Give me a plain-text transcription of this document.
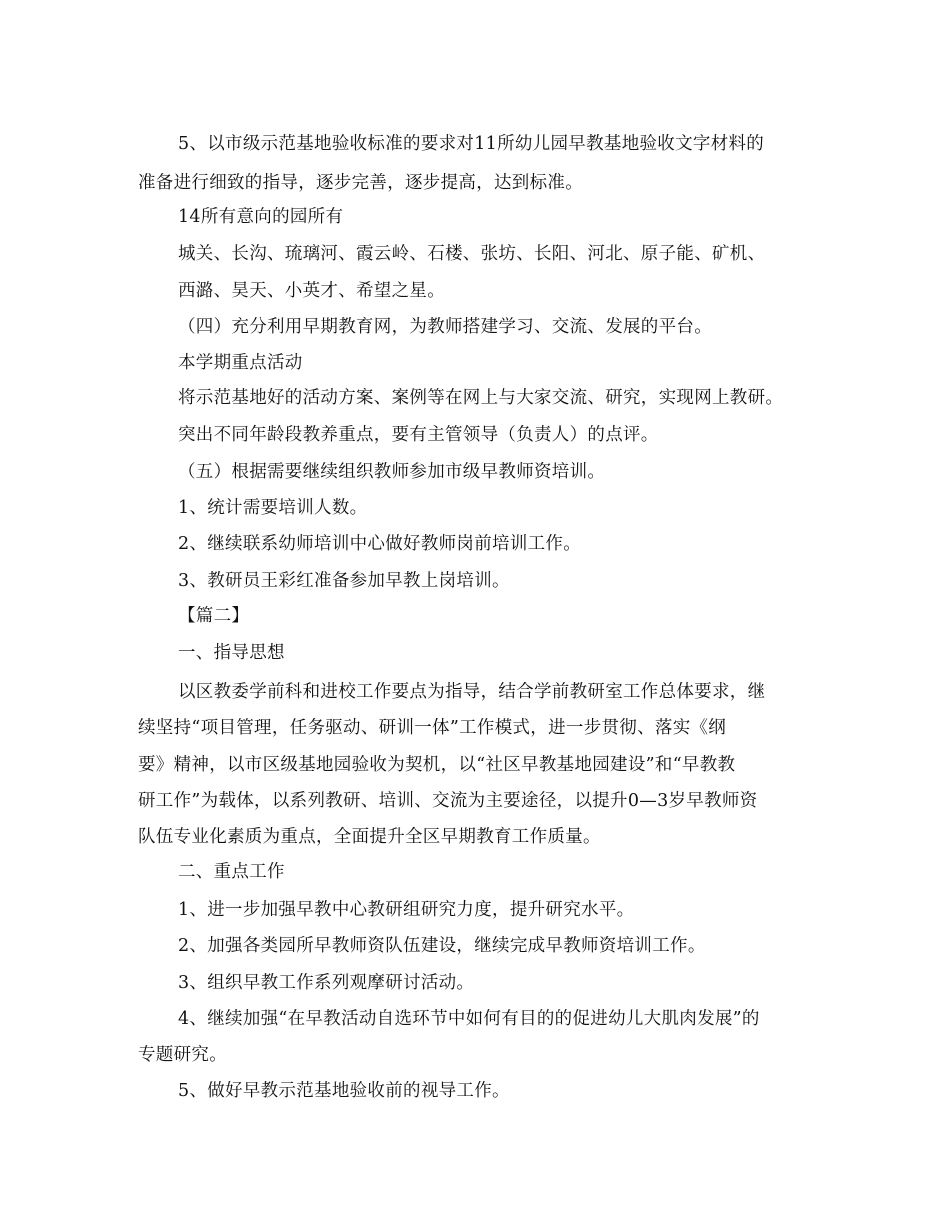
5、以市级示范基地验收标准的要求对11所幼儿园早教基地验收文字材料的
准备进行细致的指导，逐步完善，逐步提高，达到标准。
14所有意向的园所有
城关、长沟、琉璃河、霞云岭、石楼、张坊、长阳、河北、原子能、矿机、
西潞、昊天、小英才、希望之星。
（四）充分利用早期教育网，为教师搭建学习、交流、发展的平台。
本学期重点活动
将示范基地好的活动方案、案例等在网上与大家交流、研究，实现网上教研。
突出不同年龄段教养重点，要有主管领导（负责人）的点评。
（五）根据需要继续组织教师参加市级早教师资培训。
1、统计需要培训人数。
2、继续联系幼师培训中心做好教师岗前培训工作。
3、教研员王彩红准备参加早教上岗培训。
【篇二】
一、指导思想
以区教委学前科和进校工作要点为指导，结合学前教研室工作总体要求，继
续坚持“项目管理，任务驱动、研训一体”工作模式，进一步贯彻、落实《纲
要》精神，以市区级基地园验收为契机，以“社区早教基地园建设”和“早教教
研工作”为载体，以系列教研、培训、交流为主要途径，以提升0—3岁早教师资
队伍专业化素质为重点，全面提升全区早期教育工作质量。
二、重点工作
1、进一步加强早教中心教研组研究力度，提升研究水平。
2、加强各类园所早教师资队伍建设，继续完成早教师资培训工作。
3、组织早教工作系列观摩研讨活动。
4、继续加强“在早教活动自选环节中如何有目的的促进幼儿大肌肉发展”的
专题研究。
5、做好早教示范基地验收前的视导工作。
